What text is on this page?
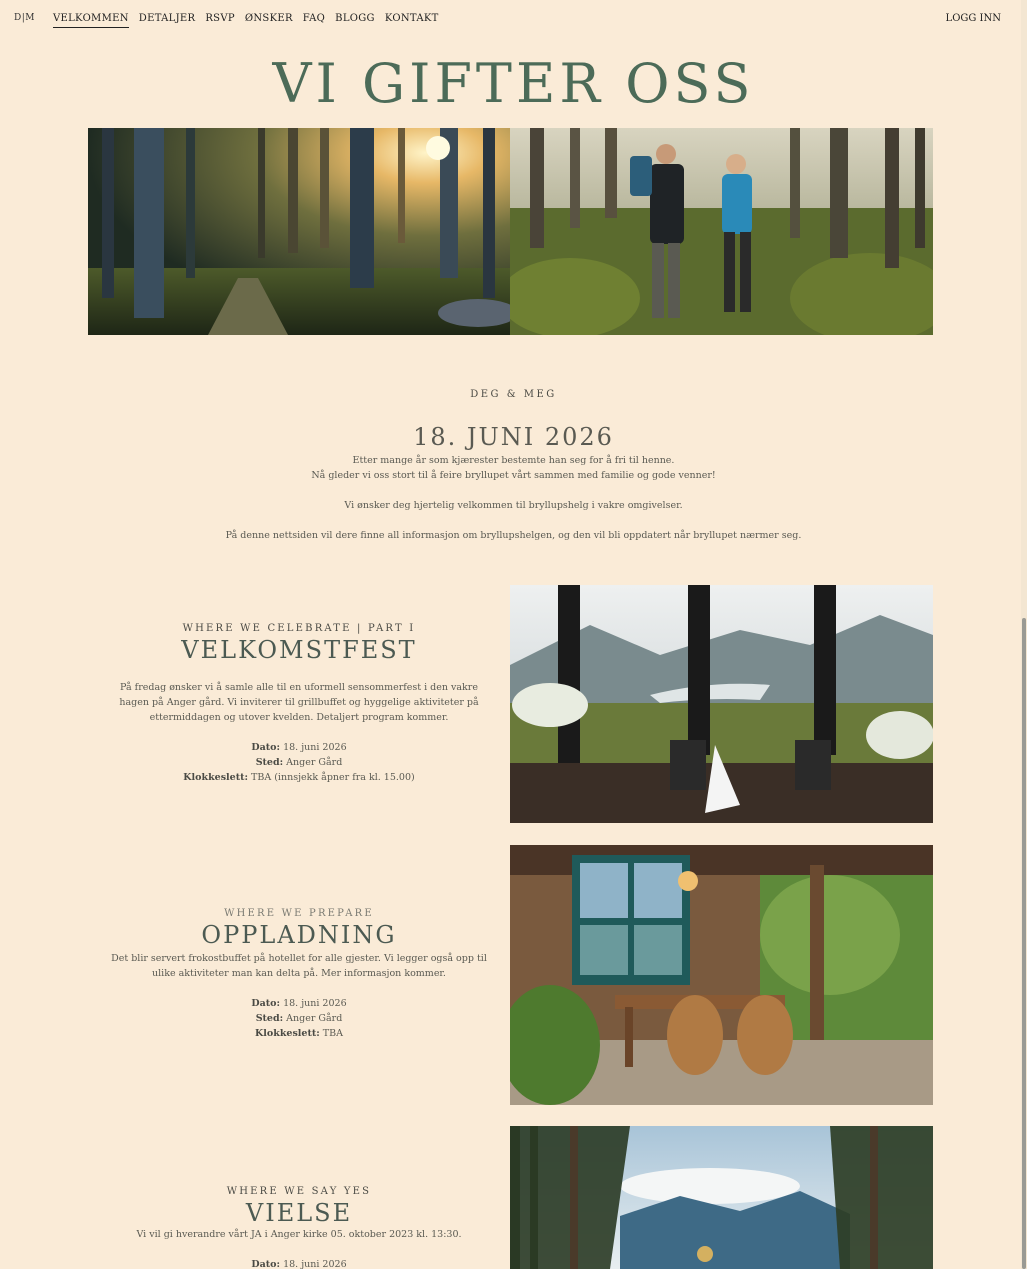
D|M VELKOMMEN DETALJER RSVP ØNSKER FAQ BLOGG KONTAKT	LOGG INN
VI GIFTER OSS
DEG & MEG
18. JUNI 2026
Etter mange år som kjærester bestemte han seg for å fri til henne.
Nå gleder vi oss stort til å feire bryllupet vårt sammen med familie og gode venner!
Vi ønsker deg hjertelig velkommen til bryllupshelg i vakre omgivelser.
På denne nettsiden vil dere finne all informasjon om bryllupshelgen, og den vil bli oppdatert når bryllupet nærmer seg.
WHERE WE CELEBRATE | PART I
VELKOMSTFEST
På fredag ønsker vi å samle alle til en uformell sensommerfest i den vakre hagen på Anger gård. Vi inviterer til grillbuffet og hyggelige aktiviteter på ettermiddagen og utover kvelden. Detaljert program kommer.
Dato: 18. juni 2026
Sted: Anger Gård
Klokkeslett: TBA (innsjekk åpner fra kl. 15.00)
WHERE WE PREPARE
OPPLADNING
Det blir servert frokostbuffet på hotellet for alle gjester. Vi legger også opp til ulike aktiviteter man kan delta på. Mer informasjon kommer.
Dato: 18. juni 2026
Sted: Anger Gård
Klokkeslett: TBA
WHERE WE SAY YES
VIELSE
Vi vil gi hverandre vårt JA i Anger kirke 05. oktober 2023 kl. 13:30.
Dato: 18. juni 2026
